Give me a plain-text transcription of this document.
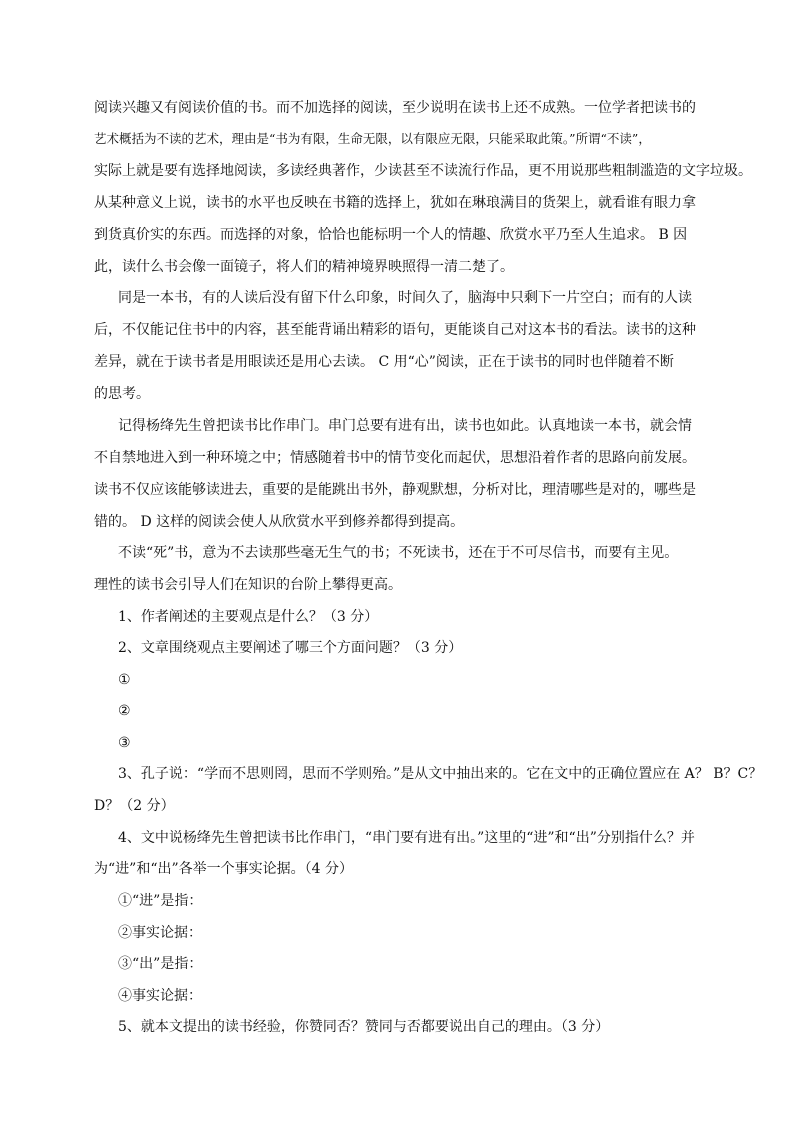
阅读兴趣又有阅读价值的书。而不加选择的阅读，至少说明在读书上还不成熟。一位学者把读书的
艺术概括为不读的艺术，理由是“书为有限，生命无限，以有限应无限，只能采取此策。”所谓“不读”，
实际上就是要有选择地阅读，多读经典著作，少读甚至不读流行作品，更不用说那些粗制滥造的文字垃圾。
从某种意义上说，读书的水平也反映在书籍的选择上，犹如在琳琅满目的货架上，就看谁有眼力拿
到货真价实的东西。而选择的对象，恰恰也能标明一个人的情趣、欣赏水平乃至人生追求。 B 因
此，读什么书会像一面镜子，将人们的精神境界映照得一清二楚了。
同是一本书，有的人读后没有留下什么印象，时间久了，脑海中只剩下一片空白；而有的人读
后，不仅能记住书中的内容，甚至能背诵出精彩的语句，更能谈自己对这本书的看法。读书的这种
差异，就在于读书者是用眼读还是用心去读。 C 用“心”阅读，正在于读书的同时也伴随着不断
的思考。
记得杨绛先生曾把读书比作串门。串门总要有进有出，读书也如此。认真地读一本书，就会情
不自禁地进入到一种环境之中；情感随着书中的情节变化而起伏，思想沿着作者的思路向前发展。
读书不仅应该能够读进去，重要的是能跳出书外，静观默想，分析对比，理清哪些是对的，哪些是
错的。 D 这样的阅读会使人从欣赏水平到修养都得到提高。
不读“死”书，意为不去读那些毫无生气的书；不死读书，还在于不可尽信书，而要有主见。
理性的读书会引导人们在知识的台阶上攀得更高。
1、作者阐述的主要观点是什么？（3 分）
2、文章围绕观点主要阐述了哪三个方面问题？（3 分）
①
②
③
3、孔子说：“学而不思则罔，思而不学则殆。”是从文中抽出来的。它在文中的正确位置应在 A？ B？C？
D？（2 分）
4、文中说杨绛先生曾把读书比作串门，“串门要有进有出。”这里的“进”和“出”分别指什么？并
为“进”和“出”各举一个事实论据。（4 分）
①“进”是指：
②事实论据：
③“出”是指：
④事实论据：
5、就本文提出的读书经验，你赞同否？赞同与否都要说出自己的理由。（3 分）
